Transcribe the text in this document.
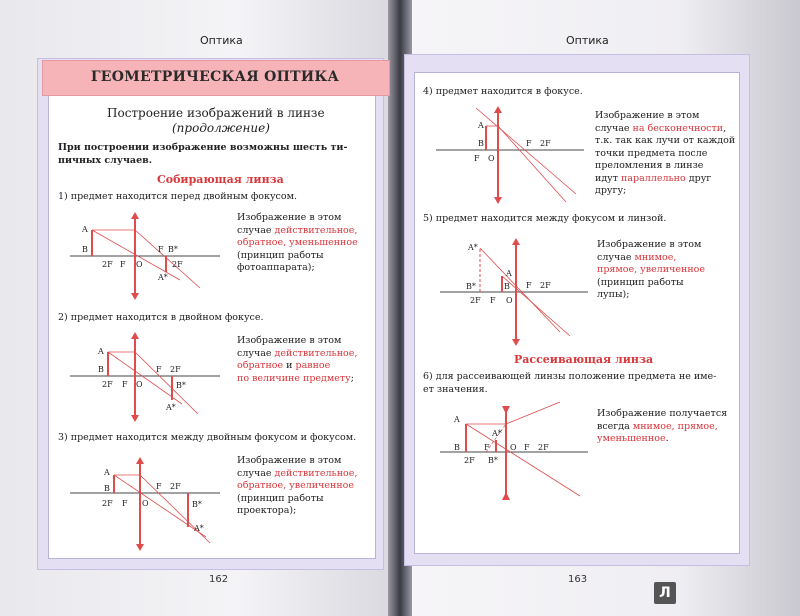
Оптика	Оптика
ГЕОМЕТРИЧЕСКАЯ ОПТИКА
Построение изображений в линзе
(продолжение)
При построении изображение возможны шесть ти-
пичных случаев.
Собирающая линза
1) предмет находится перед двойным фокусом.
2) предмет находится в двойном фокусе.
3) предмет находится между двойным фокусом и фокусом.
Изображение в этом
случае действительное,
обратное, уменьшенное
(принцип работы
фотоаппарата);
Изображение в этом
случае действительное,
обратное и равное
по величине предмету;
Изображение в этом
случае действительное,
обратное, увеличенное
(принцип работы
проектора);
4) предмет находится в фокусе.
5) предмет находится между фокусом и линзой.
Рассеивающая линза
6) для рассеивающей линзы положение предмета не име-
ет значения.
Изображение в этом
случае на бесконечности,
т.к. так как лучи от каждой
точки предмета после
преломления в линзе
идут параллельно друг
другу;
Изображение в этом
случае мнимое,
прямое, увеличенное
(принцип работы
лупы);
Изображение получается
всегда мнимое, прямое,
уменьшенное.
A
B
2F F O
F B*
2F
A*
A
B
2F F O
F 2F
B*
A*
A
B
2F F O
F 2F
B*
A*
A
B
F O
F 2F
A*
A
B*	B
2F F O
F 2F
A
B
A*
2F
F
B*
O F 2F
162	163
Л
